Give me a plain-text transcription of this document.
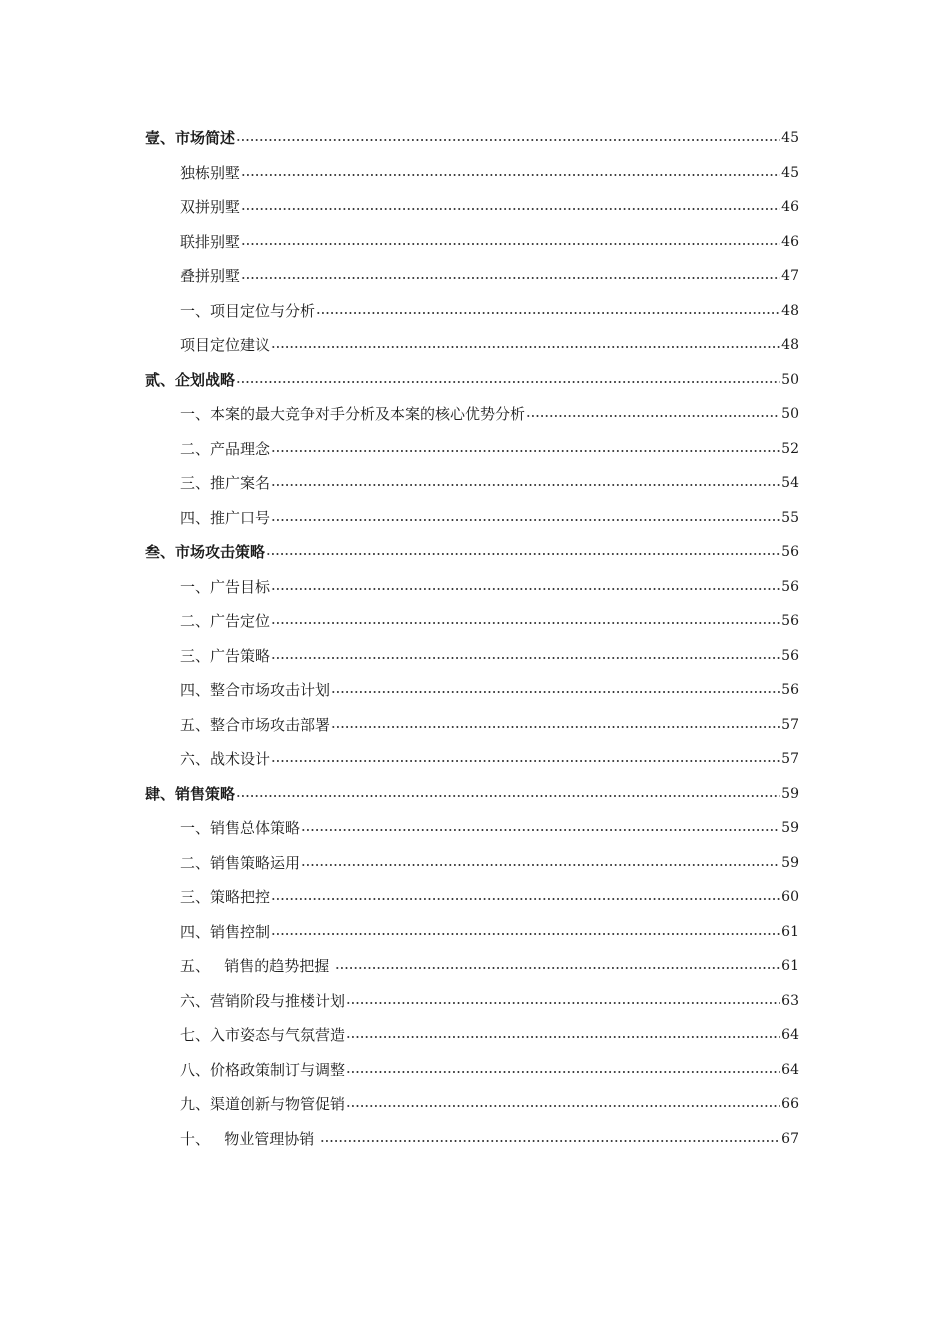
壹、市场简述	45
独栋别墅	45
双拼别墅	46
联排别墅	46
叠拼别墅	47
一、项目定位与分析	48
项目定位建议	48
贰、企划战略	50
一、本案的最大竞争对手分析及本案的核心优势分析	50
二、产品理念	52
三、推广案名	54
四、推广口号	55
叁、市场攻击策略	56
一、广告目标	56
二、广告定位	56
三、广告策略	56
四、整合市场攻击计划	56
五、整合市场攻击部署	57
六、战术设计	57
肆、销售策略	59
一、销售总体策略	59
二、销售策略运用	59
三、策略把控	60
四、销售控制	61
五、   销售的趋势把握	61
六、营销阶段与推楼计划	63
七、入市姿态与气氛营造	64
八、价格政策制订与调整	64
九、渠道创新与物管促销	66
十、   物业管理协销	67
